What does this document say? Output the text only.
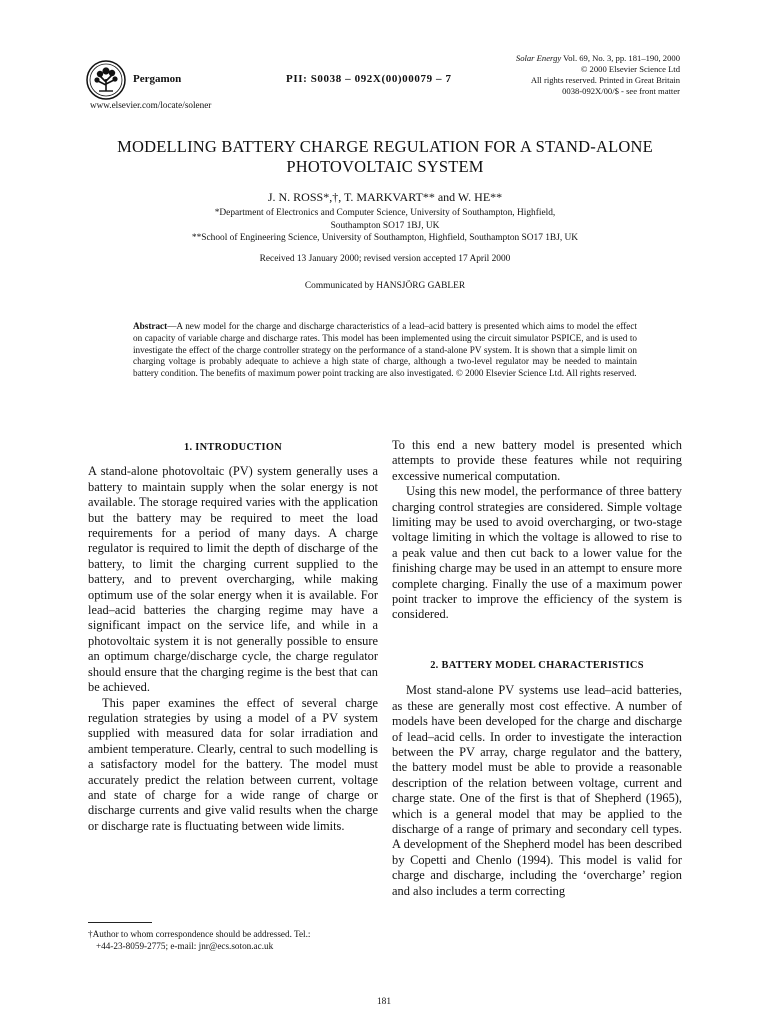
Pergamon	PII: S0038 – 092X(00)00079 – 7
Solar Energy Vol. 69, No. 3, pp. 181–190, 2000
© 2000 Elsevier Science Ltd
All rights reserved. Printed in Great Britain
0038-092X/00/$ - see front matter
www.elsevier.com/locate/solener
MODELLING BATTERY CHARGE REGULATION FOR A STAND-ALONE
PHOTOVOLTAIC SYSTEM
J. N. ROSS*,†, T. MARKVART** and W. HE**
*Department of Electronics and Computer Science, University of Southampton, Highfield,
Southampton SO17 1BJ, UK
**School of Engineering Science, University of Southampton, Highfield, Southampton SO17 1BJ, UK
Received 13 January 2000; revised version accepted 17 April 2000
Communicated by HANSJÖRG GABLER
Abstract—A new model for the charge and discharge characteristics of a lead–acid battery is presented which aims to model the effect on capacity of variable charge and discharge rates. This model has been implemented using the circuit simulator PSPICE, and is used to investigate the effect of the charge controller strategy on the performance of a stand-alone PV system. It is shown that a simple limit on charging voltage is probably adequate to achieve a high state of charge, although a two-level regulator may be needed to maintain battery condition. The benefits of maximum power point tracking are also investigated. © 2000 Elsevier Science Ltd. All rights reserved.
1. INTRODUCTION

A stand-alone photovoltaic (PV) system generally uses a battery to maintain supply when the solar energy is not available. The storage required varies with the application but the battery may be required to meet the load requirements for a period of many days. A charge regulator is required to limit the depth of discharge of the battery, to limit the charging current supplied to the battery, and to prevent overcharging, while making optimum use of the solar energy when it is available. For lead–acid batteries the charging regime may have a significant impact on the service life, and while in a photovoltaic system it is not generally possible to ensure an optimum charge/discharge cycle, the charge regulator should ensure that the charging regime is the best that can be achieved.

This paper examines the effect of several charge regulation strategies by using a model of a PV system supplied with measured data for solar irradiation and ambient temperature. Clearly, central to such modelling is a satisfactory model for the battery. The model must accurately predict the relation between current, voltage and state of charge for a wide range of charge or discharge currents and give valid results when the charge or discharge rate is fluctuating between wide limits.

To this end a new battery model is presented which attempts to provide these features while not requiring excessive numerical computation.

Using this new model, the performance of three battery charging control strategies are considered. Simple voltage limiting may be used to avoid overcharging, or two-stage voltage limiting in which the voltage is allowed to rise to a peak value and then cut back to a lower value for the finishing charge may be used in an attempt to ensure more complete charging. Finally the use of a maximum power point tracker to improve the efficiency of the system is considered.

2. BATTERY MODEL CHARACTERISTICS

Most stand-alone PV systems use lead–acid batteries, as these are generally most cost effective. A number of models have been developed for the charge and discharge of lead–acid cells. In order to investigate the interaction between the PV array, charge regulator and the battery, the battery model must be able to provide a reasonable description of the relation between voltage, current and charge state. One of the first is that of Shepherd (1965), which is a general model that may be applied to the discharge of a range of primary and secondary cell types. A development of the Shepherd model has been described by Copetti and Chenlo (1994). This model is valid for charge and discharge, including the ‘overcharge’ region and also includes a term correcting

†Author to whom correspondence should be addressed. Tel.:
+44-23-8059-2775; e-mail: jnr@ecs.soton.ac.uk
181
